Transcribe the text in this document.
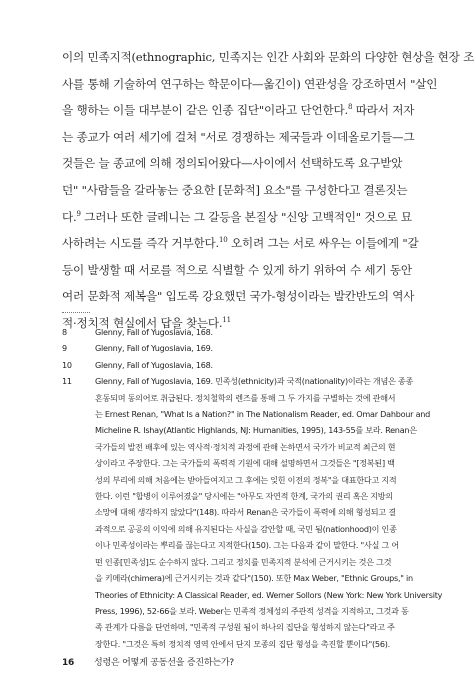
이의 민족지적(ethnographic, 민족지는 인간 사회와 문화의 다양한 현상을 현장 조
사를 통해 기술하여 연구하는 학문이다—옮긴이) 연관성을 강조하면서 "살인
을 행하는 이들 대부분이 같은 인종 집단"이라고 단언한다.$^8$ 따라서 저자
는 종교가 여러 세기에 걸쳐 "서로 경쟁하는 제국들과 이데올로기들—그
것들은 늘 종교에 의해 정의되어왔다—사이에서 선택하도록 요구받았
던" "사람들을 갈라놓는 중요한 [문화적] 요소"를 구성한다고 결론짓는
다.$^9$ 그러나 또한 글레니는 그 갈등을 본질상 "신앙 고백적인" 것으로 묘
사하려는 시도를 즉각 거부한다.$^{10}$ 오히려 그는 서로 싸우는 이들에게 "갈
등이 발생할 때 서로를 적으로 식별할 수 있게 하기 위하여 수 세기 동안
여러 문화적 제복을" 입도록 강요했던 국가-형성이라는 발칸반도의 역사
적·정치적 현실에서 답을 찾는다.$^{11}$
8	Glenny, Fall of Yugoslavia, 168.
9	Glenny, Fall of Yugoslavia, 169.
10	Glenny, Fall of Yugoslavia, 168.
11	Glenny, Fall of Yugoslavia, 169. 민족성(ethnicity)과 국적(nationality)이라는 개념은 종종
혼동되며 동의어로 취급된다. 정치철학의 렌즈를 통해 그 두 가지를 구별하는 것에 관해서
는 Ernest Renan, "What Is a Nation?" in The Nationalism Reader, ed. Omar Dahbour and
Micheline R. Ishay(Atlantic Highlands, NJ: Humanities, 1995), 143-55를 보라. Renan은
국가들의 발전 배후에 있는 역사적·정치적 과정에 관해 논하면서 국가가 비교적 최근의 현
상이라고 주장한다. 그는 국가들의 폭력적 기원에 대해 설명하면서 그것들은 "[정복된] 백
성의 부리에 의해 처음에는 받아들여지고 그 후에는 잊힌 이전의 정복"을 대표한다고 지적
한다. 이런 "합병이 이루어졌을" 당시에는 "아무도 자연적 한계, 국가의 권리 혹은 지방의
소망에 대해 생각하지 않았다"(148). 따라서 Renan은 국가들이 폭력에 의해 형성되고 결
과적으로 공공의 이익에 의해 유지된다는 사실을 감안할 때, 국민 됨(nationhood)이 인종
이나 민족성이라는 뿌리를 끊는다고 지적한다(150). 그는 다음과 같이 말한다. "사실 그 어
떤 인종[민족성]도 순수하지 않다. 그리고 정치를 민족지적 분석에 근거시키는 것은 그것
을 키메라(chimera)에 근거시키는 것과 같다"(150). 또한 Max Weber, "Ethnic Groups," in
Theories of Ethnicity: A Classical Reader, ed. Werner Sollors (New York: New York University
Press, 1996), 52-66을 보라. Weber는 민족적 정체성의 주관적 성격을 지적하고, 그것과 동
족 관계가 다름을 단언하며, "민족적 구성원 됨이 하나의 집단을 형성하지 않는다"라고 주
장한다. "그것은 특히 정치적 영역 안에서 단지 모종의 집단 형성을 촉진할 뿐이다"(56).
16 성령은 어떻게 공동선을 증진하는가?
